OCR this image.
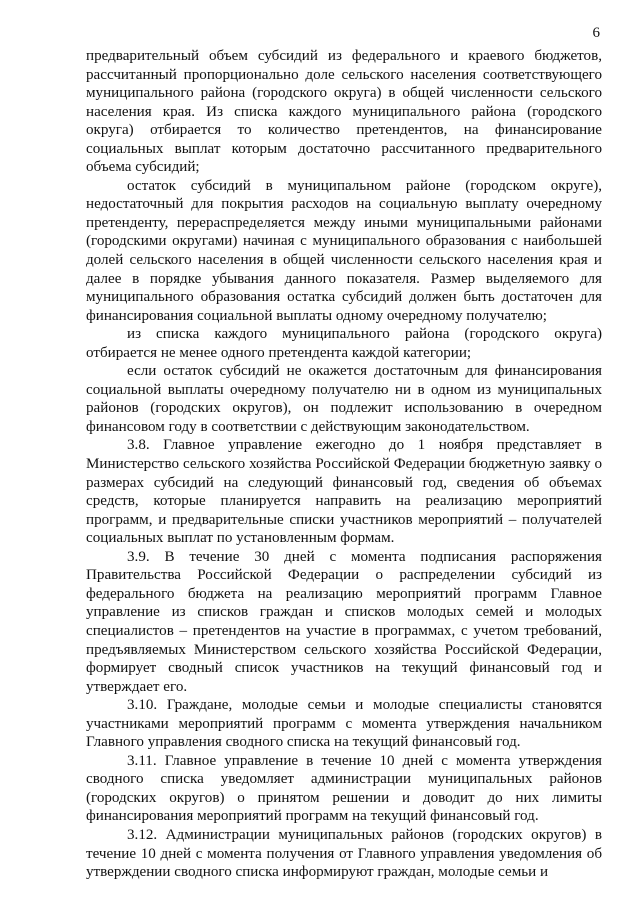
6

предварительный объем субсидий из федерального и краевого бюджетов, рассчитанный пропорционально доле сельского населения соответствующего муниципального района (городского округа) в общей численности сельского населения края. Из списка каждого муниципального района (городского округа) отбирается то количество претендентов, на финансирование социальных выплат которым достаточно рассчитанного предварительного объема субсидий;

остаток субсидий в муниципальном районе (городском округе), недостаточный для покрытия расходов на социальную выплату очередному претенденту, перераспределяется между иными муниципальными районами (городскими округами) начиная с муниципального образования с наибольшей долей сельского населения в общей численности сельского населения края и далее в порядке убывания данного показателя. Размер выделяемого для муниципального образования остатка субсидий должен быть достаточен для финансирования социальной выплаты одному очередному получателю;

из списка каждого муниципального района (городского округа) отбирается не менее одного претендента каждой категории;

если остаток субсидий не окажется достаточным для финансирования социальной выплаты очередному получателю ни в одном из муниципальных районов (городских округов), он подлежит использованию в очередном финансовом году в соответствии с действующим законодательством.

3.8. Главное управление ежегодно до 1 ноября представляет в Министерство сельского хозяйства Российской Федерации бюджетную заявку о размерах субсидий на следующий финансовый год, сведения об объемах средств, которые планируется направить на реализацию мероприятий программ, и предварительные списки участников мероприятий – получателей социальных выплат по установленным формам.

3.9. В течение 30 дней с момента подписания распоряжения Правительства Российской Федерации о распределении субсидий из федерального бюджета на реализацию мероприятий программ Главное управление из списков граждан и списков молодых семей и молодых специалистов – претендентов на участие в программах, с учетом требований, предъявляемых Министерством сельского хозяйства Российской Федерации, формирует сводный список участников на текущий финансовый год и утверждает его.

3.10. Граждане, молодые семьи и молодые специалисты становятся участниками мероприятий программ с момента утверждения начальником Главного управления сводного списка на текущий финансовый год.

3.11. Главное управление в течение 10 дней с момента утверждения сводного списка уведомляет администрации муниципальных районов (городских округов) о принятом решении и доводит до них лимиты финансирования мероприятий программ на текущий финансовый год.

3.12. Администрации муниципальных районов (городских округов) в течение 10 дней с момента получения от Главного управления уведомления об утверждении сводного списка информируют граждан, молодые семьи и
